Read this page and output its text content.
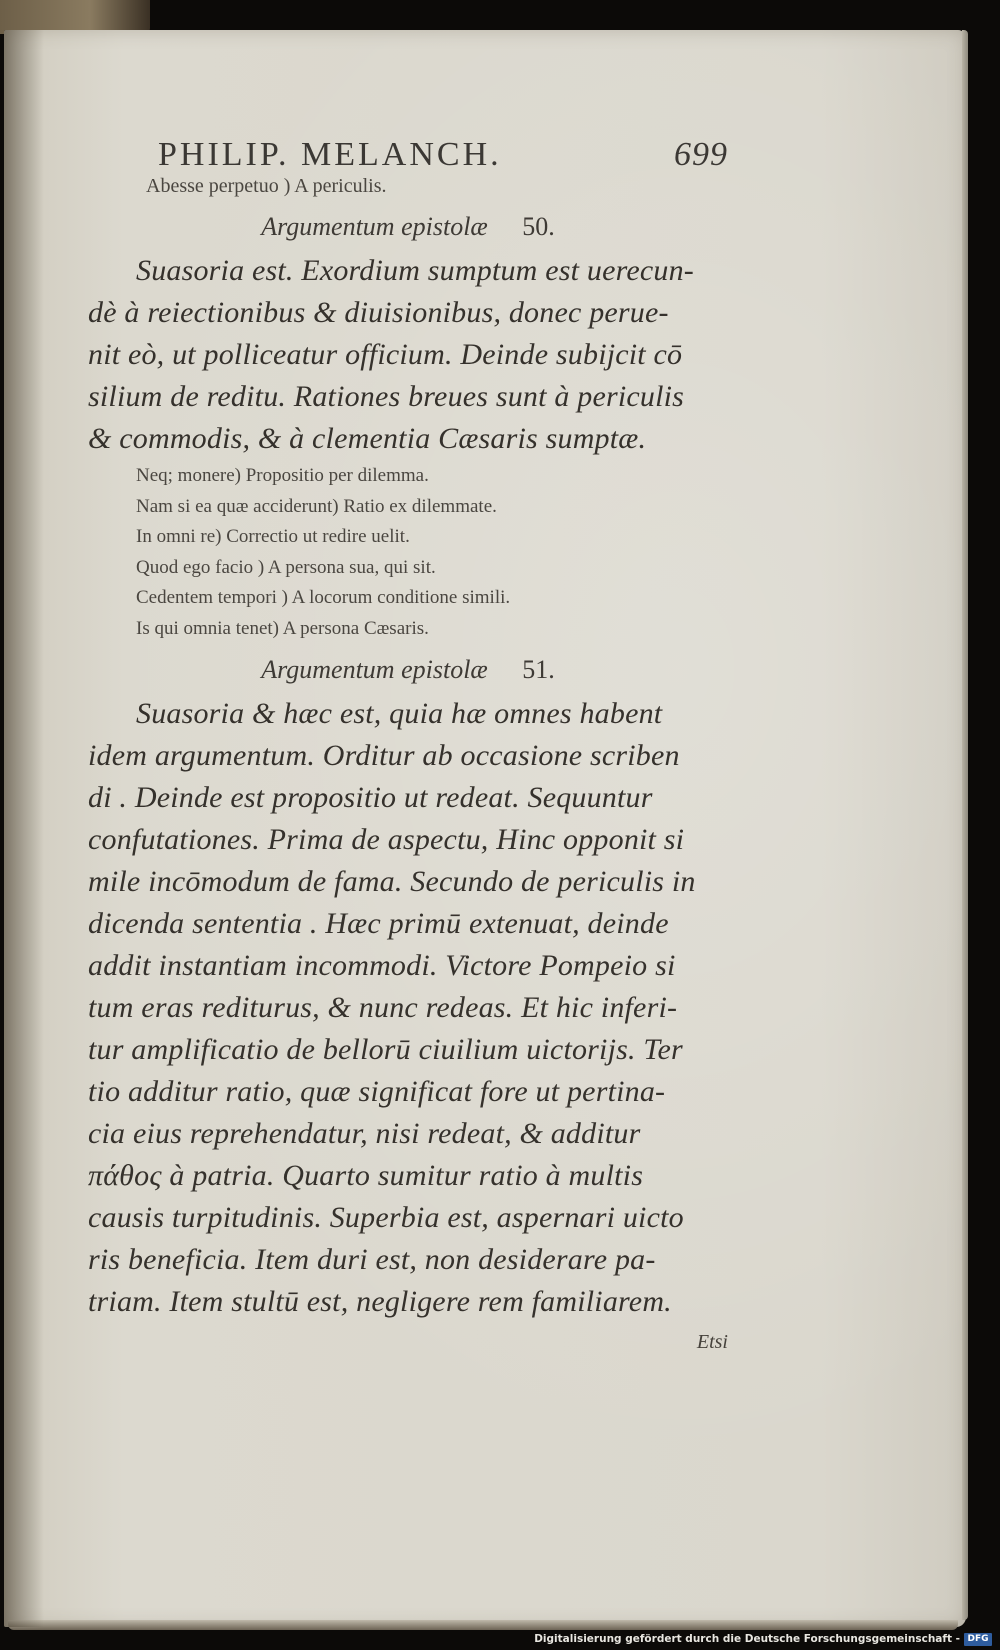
PHILIP. MELANCH.	699
Abesse perpetuo ) A periculis.
Argumentum epistolæ 50.
Suasoria est. Exordium sumptum est uerecun-
dè à reiectionibus & diuisionibus, donec perue-
nit eò, ut polliceatur officium. Deinde subijcit cō
silium de reditu. Rationes breues sunt à periculis
& commodis, & à clementia Cæsaris sumptæ.
Neq; monere) Propositio per dilemma.
Nam si ea quæ acciderunt) Ratio ex dilemmate.
In omni re) Correctio ut redire uelit.
Quod ego facio ) A persona sua, qui sit.
Cedentem tempori ) A locorum conditione simili.
Is qui omnia tenet) A persona Cæsaris.
Argumentum epistolæ 51.
Suasoria & hæc est, quia hæ omnes habent
idem argumentum. Orditur ab occasione scriben
di . Deinde est propositio ut redeat. Sequuntur
confutationes. Prima de aspectu, Hinc opponit si
mile incōmodum de fama. Secundo de periculis in
dicenda sententia . Hæc primū extenuat, deinde
addit instantiam incommodi. Victore Pompeio si
tum eras rediturus, & nunc redeas. Et hic inferi-
tur amplificatio de bellorū ciuilium uictorijs. Ter
tio additur ratio, quæ significat fore ut pertina-
cia eius reprehendatur, nisi redeat, & additur
πάθος à patria. Quarto sumitur ratio à multis
causis turpitudinis. Superbia est, aspernari uicto
ris beneficia. Item duri est, non desiderare pa-
triam. Item stultū est, negligere rem familiarem.
Etsi
Digitalisierung gefördert durch die Deutsche Forschungsgemeinschaft - DFG
